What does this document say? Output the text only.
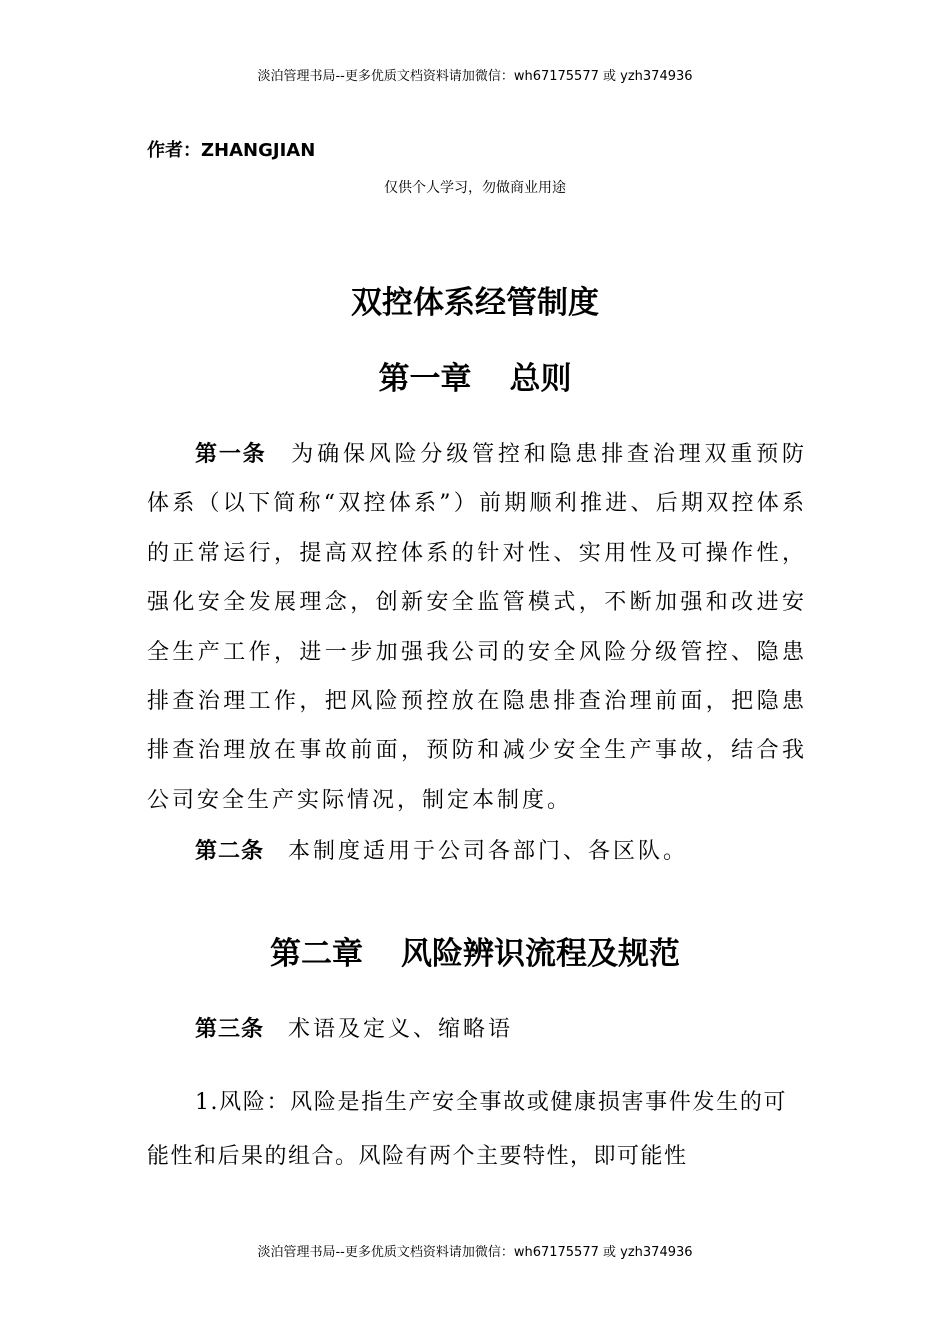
淡泊管理书局--更多优质文档资料请加微信：wh67175577 或 yzh374936
作者：ZHANGJIAN
仅供个人学习，勿做商业用途
双控体系经管制度
第一章 总则
第一条 为确保风险分级管控和隐患排查治理双重预防体系（以下简称“双控体系”）前期顺利推进、后期双控体系的正常运行，提高双控体系的针对性、实用性及可操作性，强化安全发展理念，创新安全监管模式，不断加强和改进安全生产工作，进一步加强我公司的安全风险分级管控、隐患排查治理工作，把风险预控放在隐患排查治理前面，把隐患排查治理放在事故前面，预防和减少安全生产事故，结合我公司安全生产实际情况，制定本制度。
第二条 本制度适用于公司各部门、各区队。
第二章 风险辨识流程及规范
第三条 术语及定义、缩略语
1.风险：风险是指生产安全事故或健康损害事件发生的可能性和后果的组合。风险有两个主要特性，即可能性
淡泊管理书局--更多优质文档资料请加微信：wh67175577 或 yzh374936
